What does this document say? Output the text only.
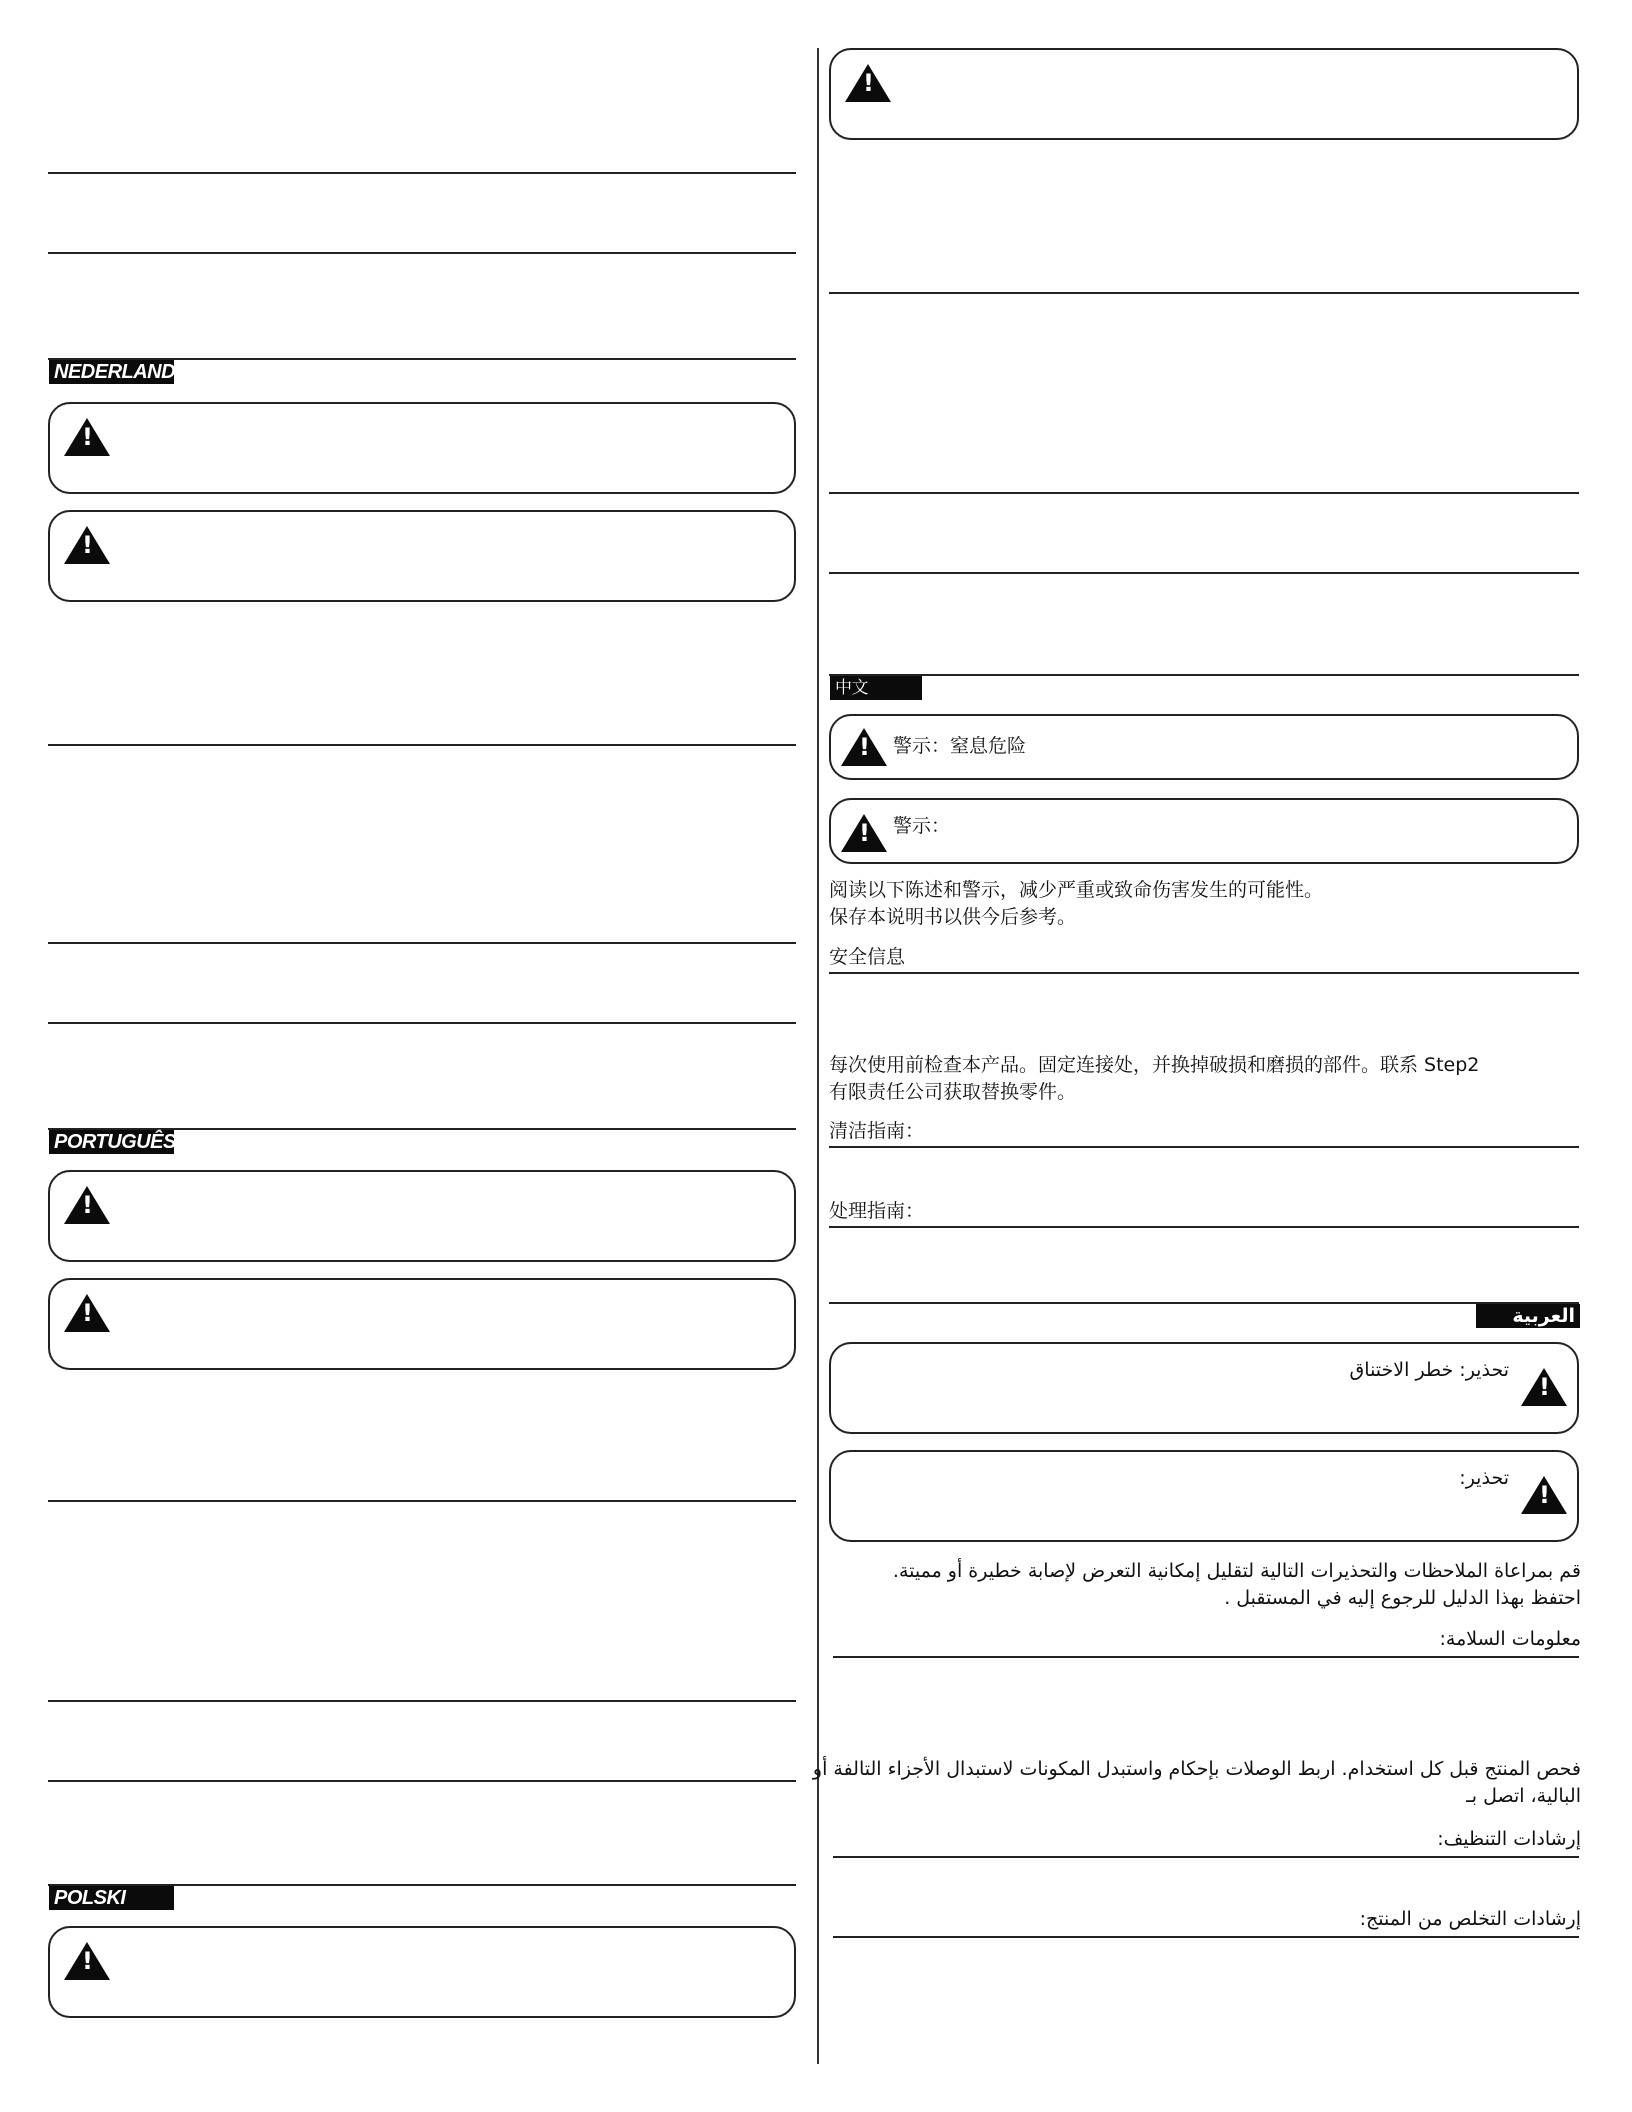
NEDERLANDS
!
!
PORTUGUÊS
!
!
POLSKI
!
!
中文
!
警示：窒息危险
!
警示：
阅读以下陈述和警示，减少严重或致命伤害发生的可能性。
保存本说明书以供今后参考。
安全信息
每次使用前检查本产品。固定连接处，并换掉破损和磨损的部件。联系 Step2
有限责任公司获取替换零件。
清洁指南：
处理指南：
العربية
!
تحذير: خطر الاختناق
!
تحذير:
قم بمراعاة الملاحظات والتحذيرات التالية لتقليل إمكانية التعرض لإصابة خطيرة أو مميتة.
احتفظ بهذا الدليل للرجوع إليه في المستقبل .
معلومات السلامة:
فحص المنتج قبل كل استخدام. اربط الوصلات بإحكام واستبدل المكونات لاستبدال الأجزاء التالفة أو
البالية، اتصل بـ
إرشادات التنظيف:
إرشادات التخلص من المنتج:
